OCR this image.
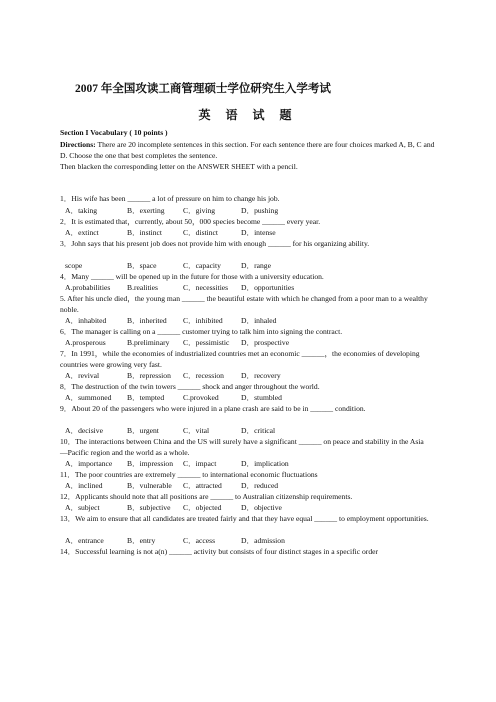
2007 年全国攻读工商管理硕士学位研究生入学考试
英 语 试 题
Section I Vocabulary ( 10 points )
Directions: There are 20 incomplete sentences in this section. For each sentence there are four choices marked A, B, C and D. Choose the one that best completes the sentence.
Then blacken the corresponding letter on the ANSWER SHEET with a pencil.
1．His wife has been ______ a lot of pressure on him to change his job.
A．taking	B．exerting C．giving	D．pushing
2．It is estimated that，currently, about 50，000 species become ______ every year.
A．extinct	B．instinct	C．distinct	D．intense
3．John says that his present job does not provide him with enough ______ for his organizing ability.
scope	B．space	C．capacity	D．range
4．Many ______ will be opened up in the future for those with a university education.
A.probabilities B.realities	C．necessities D．opportunities
5. After his uncle died，the young man ______ the beautiful estate with which he changed from a poor man to a wealthy noble.
A．inhabited	B．inherited C．inhibited D．inhaled
6．The manager is calling on a ______ customer trying to talk him into signing the contract.
A.prosperous	B.preliminary C．pessimistic D．prospective
7．In 1991，while the economies of industrialized countries met an economic ______，the economies of developing countries were growing very fast.
A．revival	B．repression C．recession D．recovery
8．The destruction of the twin towers ______ shock and anger throughout the world.
A．summoned B．tempted C.provoked	D．stumbled
9．About 20 of the passengers who were injured in a plane crash are said to be in ______ condition.
A．decisive	B．urgent	C．vital	D．critical
10．The interactions between China and the US will surely have a significant ______ on peace and stability in the Asia—Pacific region and the world as a whole.
A．importance B．impression C．impact	D．implication
11．The poor countries are extremely ______ to international economic fluctuations
A．inclined	B．vulnerable C．attracted	D．reduced
12．Applicants should note that all positions are ______ to Australian citizenship requirements.
A．subject	B．subjective C．objected	D．objective
13．We aim to ensure that all candidates are treated fairly and that they have equal ______ to employment opportunities.
A．entrance	B．entry	C．access	D．admission
14．Successful learning is not a(n) ______ activity but consists of four distinct stages in a specific order
